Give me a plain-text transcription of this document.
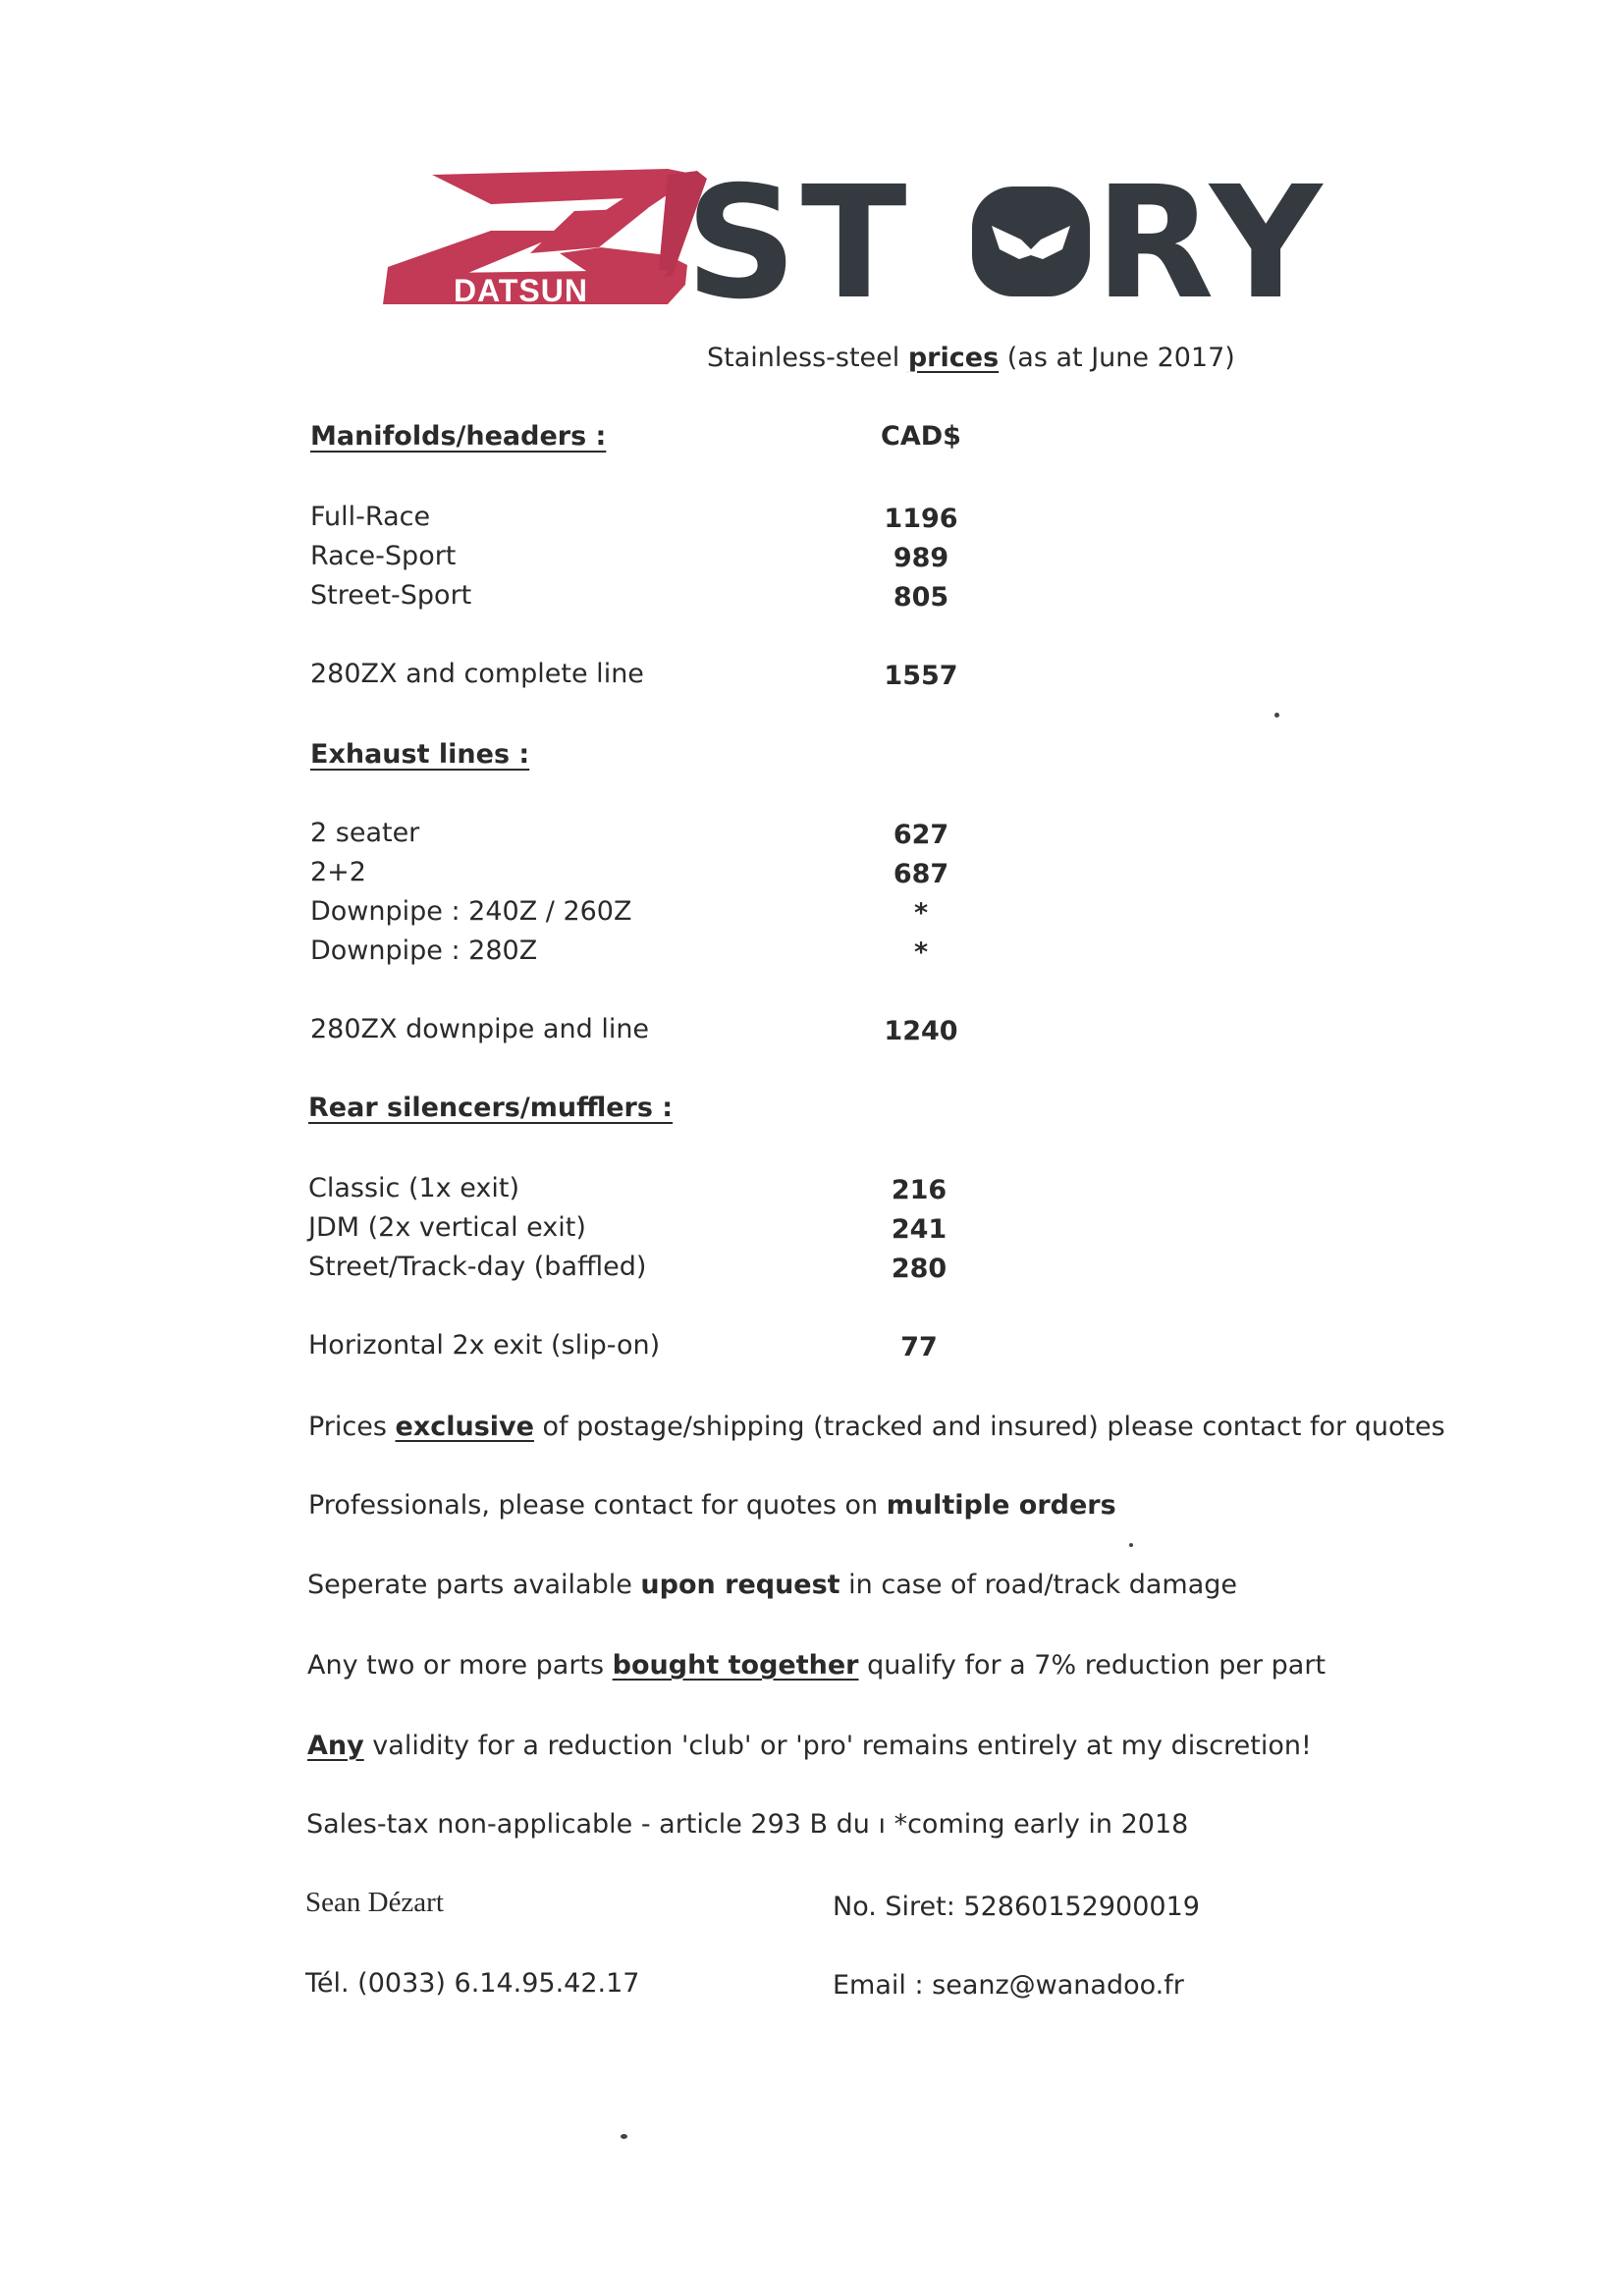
DATSUN ST RY
Stainless-steel prices (as at June 2017)
Manifolds/headers :	CAD$
Full-Race	1196
Race-Sport	989
Street-Sport	805
280ZX and complete line	1557
Exhaust lines :
2 seater	627
2+2	687
Downpipe : 240Z / 260Z	*
Downpipe : 280Z	*
280ZX downpipe and line	1240
Rear silencers/mufflers :
Classic (1x exit)	216
JDM (2x vertical exit)	241
Street/Track-day (baffled)	280
Horizontal 2x exit (slip-on)	77
Prices exclusive of postage/shipping (tracked and insured) please contact for quotes
Professionals, please contact for quotes on multiple orders
Seperate parts available upon request in case of road/track damage
Any two or more parts bought together qualify for a 7% reduction per part
Any validity for a reduction 'club' or 'pro' remains entirely at my discretion!
Sales-tax non-applicable - article 293 B du ı *coming early in 2018
Sean Dézart	No. Siret: 52860152900019
Tél. (0033) 6.14.95.42.17	Email : seanz@wanadoo.fr
